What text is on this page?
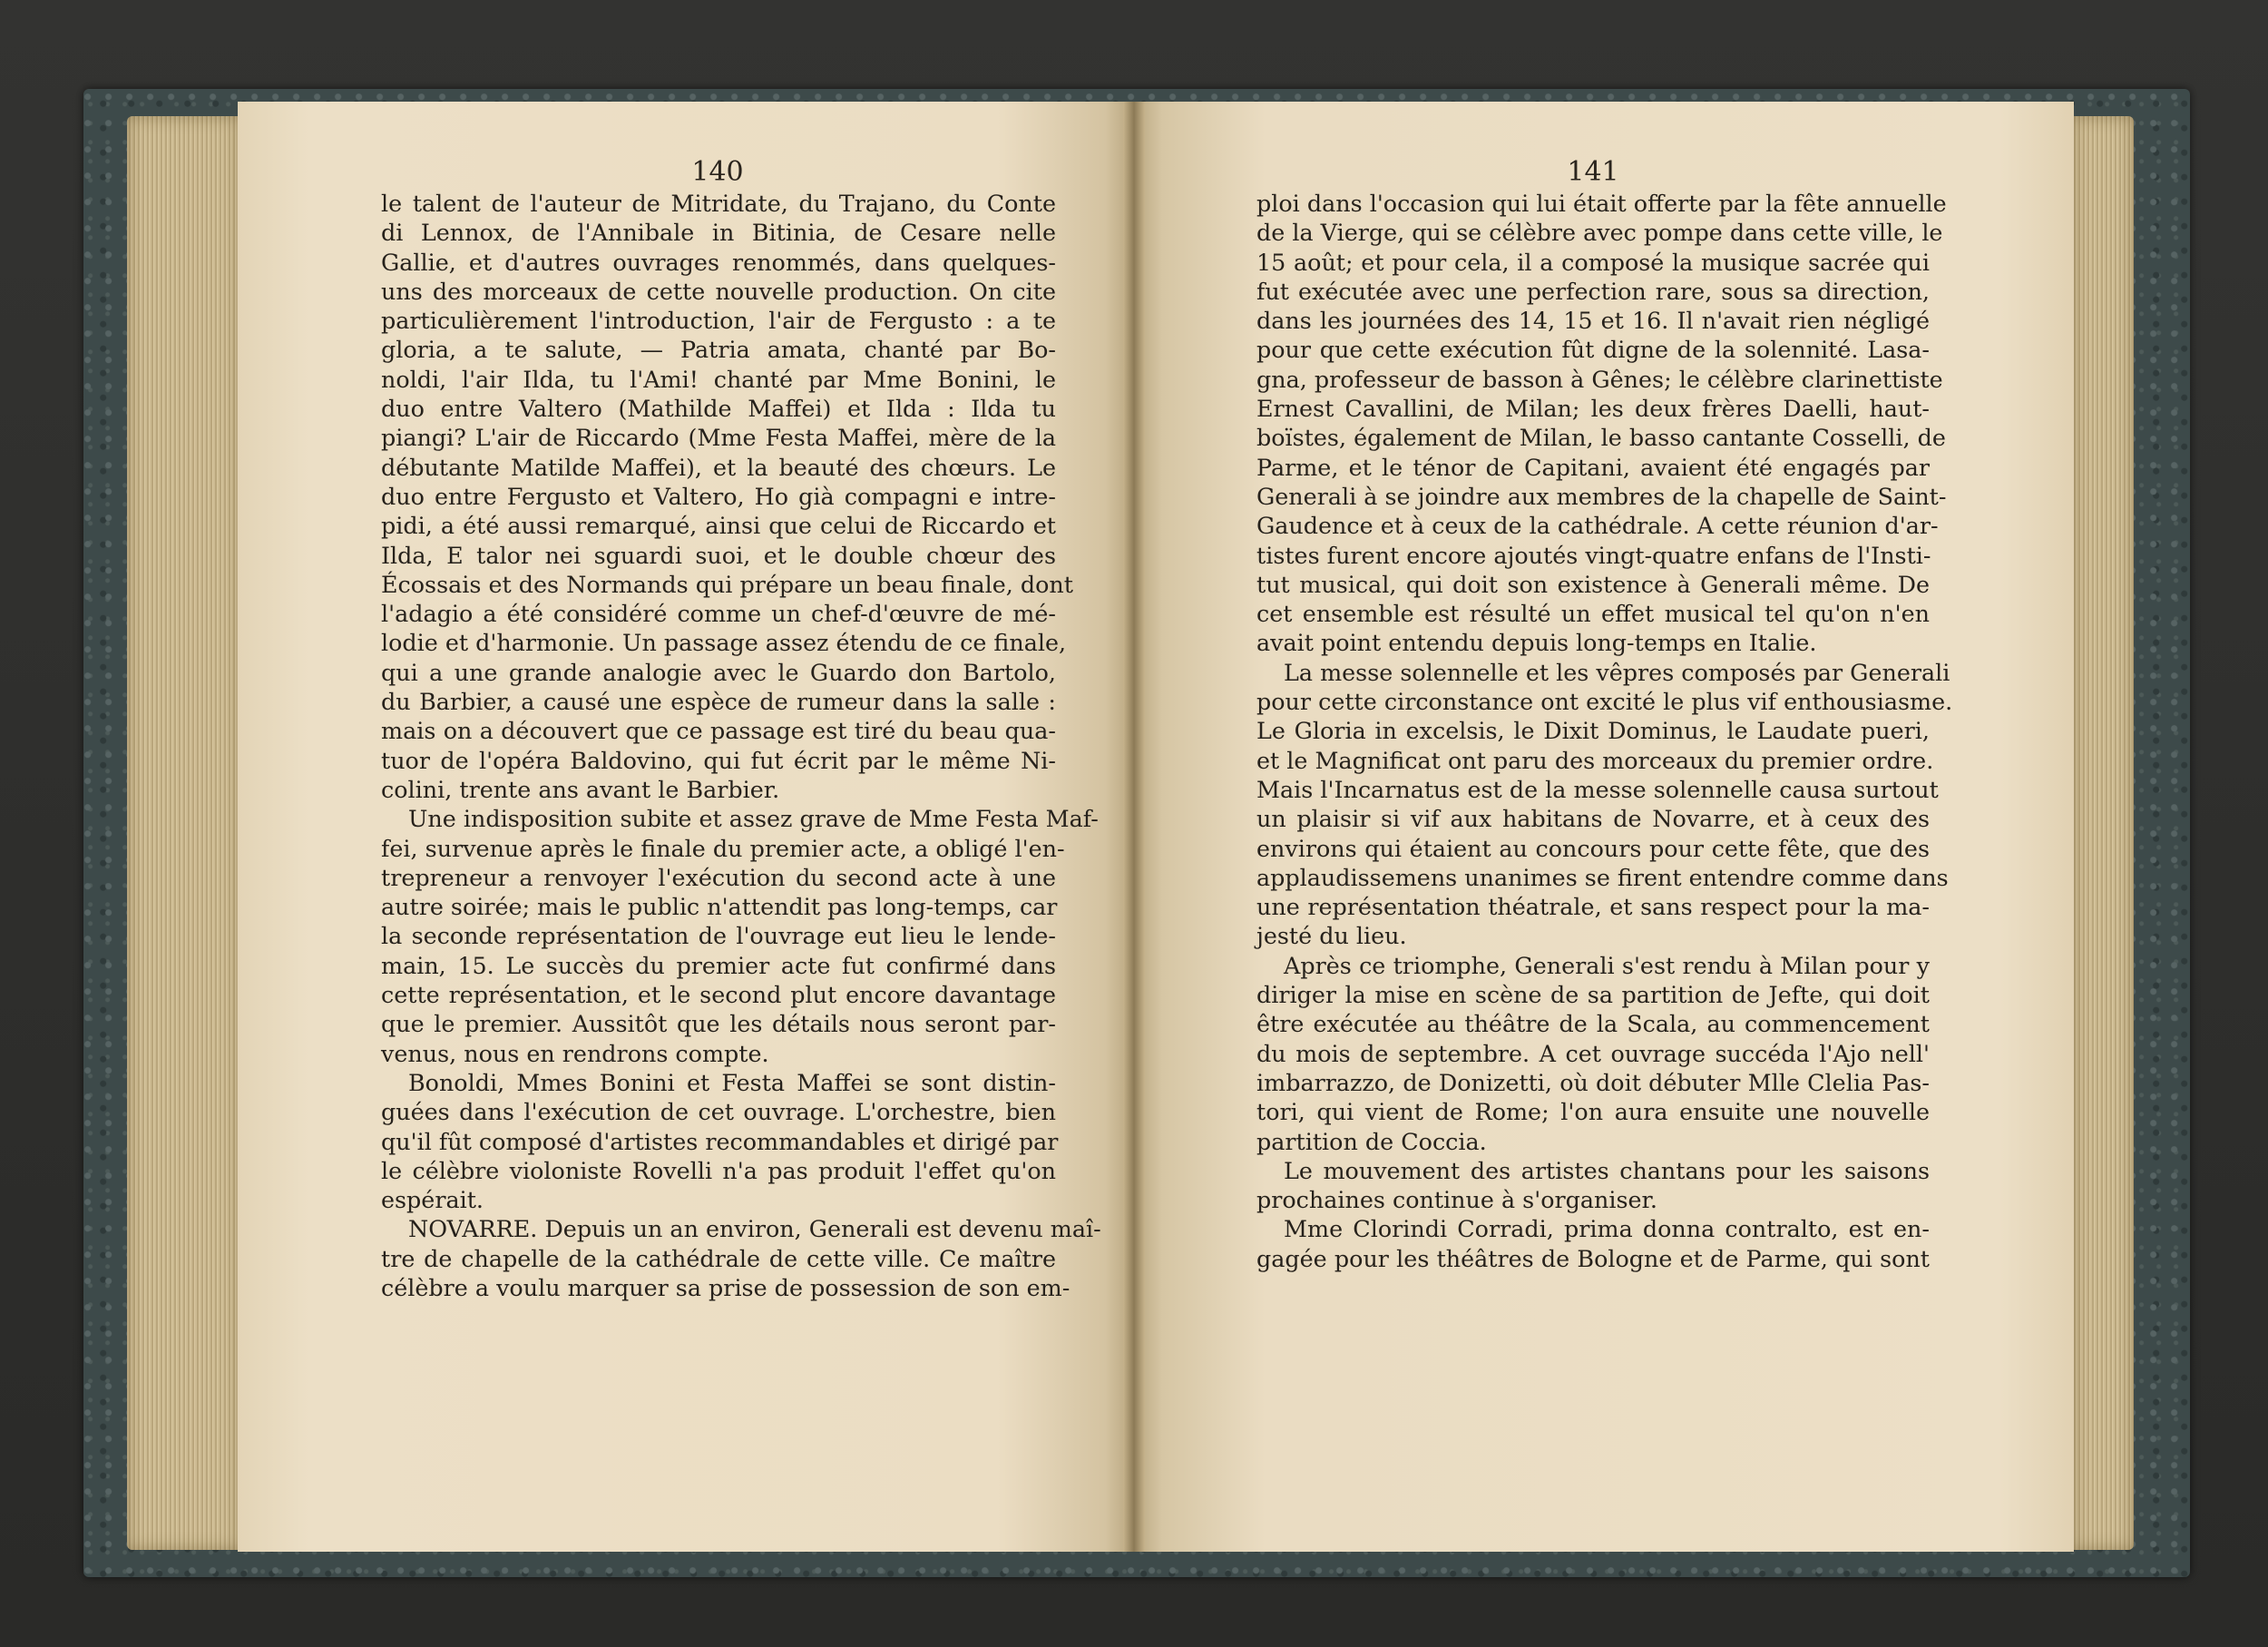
140	141
le talent de l'auteur de Mitridate, du Trajano, du Conte
di Lennox, de l'Annibale in Bitinia, de Cesare nelle
Gallie, et d'autres ouvrages renommés, dans quelques-
uns des morceaux de cette nouvelle production. On cite
particulièrement l'introduction, l'air de Fergusto : a te
gloria, a te salute, — Patria amata, chanté par Bo-
noldi, l'air Ilda, tu l'Ami! chanté par Mme Bonini, le
duo entre Valtero (Mathilde Maffei) et Ilda : Ilda tu
piangi? L'air de Riccardo (Mme Festa Maffei, mère de la
débutante Matilde Maffei), et la beauté des chœurs. Le
duo entre Fergusto et Valtero, Ho già compagni e intre-
pidi, a été aussi remarqué, ainsi que celui de Riccardo et
Ilda, E talor nei sguardi suoi, et le double chœur des
Écossais et des Normands qui prépare un beau finale, dont
l'adagio a été considéré comme un chef-d'œuvre de mé-
lodie et d'harmonie. Un passage assez étendu de ce finale,
qui a une grande analogie avec le Guardo don Bartolo,
du Barbier, a causé une espèce de rumeur dans la salle :
mais on a découvert que ce passage est tiré du beau qua-
tuor de l'opéra Baldovino, qui fut écrit par le même Ni-
colini, trente ans avant le Barbier.
Une indisposition subite et assez grave de Mme Festa Maf-
fei, survenue après le finale du premier acte, a obligé l'en-
trepreneur a renvoyer l'exécution du second acte à une
autre soirée; mais le public n'attendit pas long-temps, car
la seconde représentation de l'ouvrage eut lieu le lende-
main, 15. Le succès du premier acte fut confirmé dans
cette représentation, et le second plut encore davantage
que le premier. Aussitôt que les détails nous seront par-
venus, nous en rendrons compte.
Bonoldi, Mmes Bonini et Festa Maffei se sont distin-
guées dans l'exécution de cet ouvrage. L'orchestre, bien
qu'il fût composé d'artistes recommandables et dirigé par
le célèbre violoniste Rovelli n'a pas produit l'effet qu'on
espérait.
NOVARRE. Depuis un an environ, Generali est devenu maî-
tre de chapelle de la cathédrale de cette ville. Ce maître
célèbre a voulu marquer sa prise de possession de son em-
ploi dans l'occasion qui lui était offerte par la fête annuelle
de la Vierge, qui se célèbre avec pompe dans cette ville, le
15 août; et pour cela, il a composé la musique sacrée qui
fut exécutée avec une perfection rare, sous sa direction,
dans les journées des 14, 15 et 16. Il n'avait rien négligé
pour que cette exécution fût digne de la solennité. Lasa-
gna, professeur de basson à Gênes; le célèbre clarinettiste
Ernest Cavallini, de Milan; les deux frères Daelli, haut-
boïstes, également de Milan, le basso cantante Cosselli, de
Parme, et le ténor de Capitani, avaient été engagés par
Generali à se joindre aux membres de la chapelle de Saint-
Gaudence et à ceux de la cathédrale. A cette réunion d'ar-
tistes furent encore ajoutés vingt-quatre enfans de l'Insti-
tut musical, qui doit son existence à Generali même. De
cet ensemble est résulté un effet musical tel qu'on n'en
avait point entendu depuis long-temps en Italie.
La messe solennelle et les vêpres composés par Generali
pour cette circonstance ont excité le plus vif enthousiasme.
Le Gloria in excelsis, le Dixit Dominus, le Laudate pueri,
et le Magnificat ont paru des morceaux du premier ordre.
Mais l'Incarnatus est de la messe solennelle causa surtout
un plaisir si vif aux habitans de Novarre, et à ceux des
environs qui étaient au concours pour cette fête, que des
applaudissemens unanimes se firent entendre comme dans
une représentation théatrale, et sans respect pour la ma-
jesté du lieu.
Après ce triomphe, Generali s'est rendu à Milan pour y
diriger la mise en scène de sa partition de Jefte, qui doit
être exécutée au théâtre de la Scala, au commencement
du mois de septembre. A cet ouvrage succéda l'Ajo nell'
imbarrazzo, de Donizetti, où doit débuter Mlle Clelia Pas-
tori, qui vient de Rome; l'on aura ensuite une nouvelle
partition de Coccia.
Le mouvement des artistes chantans pour les saisons
prochaines continue à s'organiser.
Mme Clorindi Corradi, prima donna contralto, est en-
gagée pour les théâtres de Bologne et de Parme, qui sont
